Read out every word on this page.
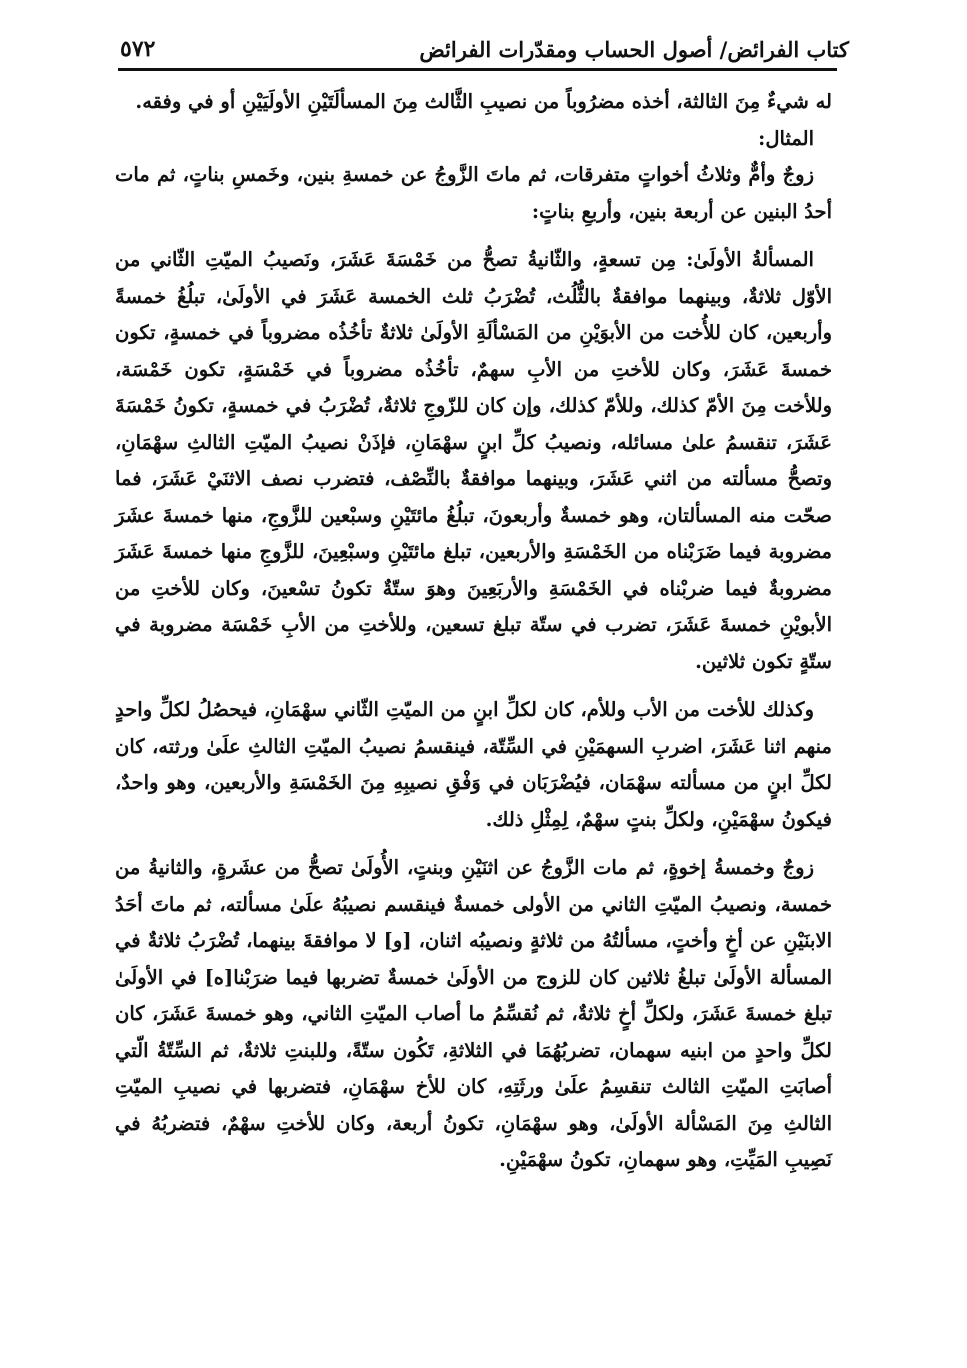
كتاب الفرائض/ أصول الحساب ومقدّرات الفرائض
٥٧٢

له شيءٌ مِنَ الثالثة، أخذه مضرُوباً من نصيبِ الثَّالث مِنَ المسألَتَيْنِ الأولَيَيْنِ أو في وفقه.

المثال:

زوجٌ وأمٌّ وثلاثُ أخواتٍ متفرقات، ثم ماتَ الزَّوجُ عن خمسةِ بنين، وخَمسِ بناتٍ، ثم مات أحدُ البنين عن أربعة بنين، وأربعِ بناتٍ:

المسألةُ الأولَىٰ: مِن تسعةٍ، والثّانيةُ تصحُّ من خَمْسَةَ عَشَرَ، ونَصيبُ الميّتِ الثّاني من الأوّل ثلاثةٌ، وبينهما موافقةٌ بالثُّلُث، تُضْرَبُ ثلث الخمسة عَشَرَ في الأولَىٰ، تبلُغُ خمسةً وأربعين، كان للأُخت من الأبوَيْنِ من المَسْألَةِ الأولَىٰ ثلاثةٌ تأخُذُه مضروباً في خمسةٍ، تكون خمسةَ عَشَرَ، وكان للأختِ من الأبِ سهمٌ، تأخُذُه مضروباً في خَمْسَةٍ، تكون خَمْسَة، وللأخت مِنَ الأمّ كذلك، وللأمّ كذلك، وإن كان للزّوجِ ثلاثةٌ، تُضْرَبُ في خمسةٍ، تكونُ خَمْسَةَ عَشَرَ، تنقسمُ علىٰ مسائله، ونصيبُ كلِّ ابنٍ سهْمَانِ، فإذَنْ نصيبُ الميّتِ الثالثِ سهْمَانِ، وتصحُّ مسألته من اثني عَشَرَ، وبينهما موافقةٌ بالنِّصْف، فتضرب نصف الاثنَيْ عَشَرَ، فما صحّت منه المسألتان، وهو خمسةٌ وأربعونَ، تبلُغُ مائتَيْنِ وسبْعين للزَّوجِ، منها خمسةَ عشَرَ مضروبة فيما ضَرَبْناه من الخَمْسَةِ والأربعين، تبلغ مائتَيْنِ وسبْعِينَ، للزَّوجِ منها خمسةَ عَشَرَ مضروبةٌ فيما ضربْناه في الخَمْسَةِ والأربَعِينَ وهوَ ستّةٌ تكونُ تسْعينَ، وكان للأختِ من الأبويْنِ خمسةَ عَشَرَ، تضرب في ستّة تبلغ تسعين، وللأختِ من الأبِ خَمْسَة مضروبة في ستّةٍ تكون ثلاثين.

وكذلك للأخت من الأب وللأم، كان لكلِّ ابنٍ من الميّتِ الثّاني سهْمَانِ، فيحصُلُ لكلِّ واحدٍ منهم اثنا عَشَرَ، اضربِ السهمَيْنِ في السِّتّة، فينقسمُ نصيبُ الميّتِ الثالثِ علَىٰ ورثته، كان لكلِّ ابنٍ من مسألته سهْمَان، فيُضْرَبَان في وَفْقِ نصيبِهِ مِنَ الخَمْسَةِ والأربعين، وهو واحدٌ، فيكونُ سهْمَيْنِ، ولكلِّ بنتٍ سهْمٌ، لِمِثْلِ ذلك.

زوجٌ وخمسةُ إخوةٍ، ثم مات الزَّوجُ عن اثنَيْنِ وبنتٍ، الأُولَىٰ تصحُّ من عشَرةٍ، والثانيةُ من خمسة، ونصيبُ الميّتِ الثاني من الأولى خمسةٌ فينقسم نصيبُهُ علَىٰ مسألته، ثم ماتَ أحَدُ الابنَيْنِ عن أخٍ وأختٍ، مسألتُهُ من ثلاثةٍ ونصيبُه اثنان، [و] لا موافقةَ بينهما، تُضْرَبُ ثلاثةٌ في المسألة الأولَىٰ تبلغُ ثلاثين كان للزوج من الأولَىٰ خمسةٌ تضربها فيما ضرَبْنا[ه] في الأولَىٰ تبلغ خمسةَ عَشَرَ، ولكلِّ أخٍ ثلاثةٌ، ثم نُقسِّمُ ما أصاب الميّتِ الثاني، وهو خمسةَ عَشَرَ، كان لكلِّ واحدٍ من ابنيه سهمان، تضربُهُمَا في الثلاثةِ، تَكُون ستّةً، وللبنتِ ثلاثةٌ، ثم السِّتّةُ الّتي أصابَتِ الميّتِ الثالث تنقسِمُ علَىٰ ورثَتِهِ، كان للأخ سهْمَانِ، فتضربها في نصيبِ الميّتِ الثالثِ مِنَ المَسْألة الأولَىٰ، وهو سهْمَانِ، تكونُ أربعة، وكان للأختِ سهْمٌ، فتضربُهُ في نَصِيبِ المَيِّتِ، وهو سهمانِ، تكونُ سهْمَيْنِ.
